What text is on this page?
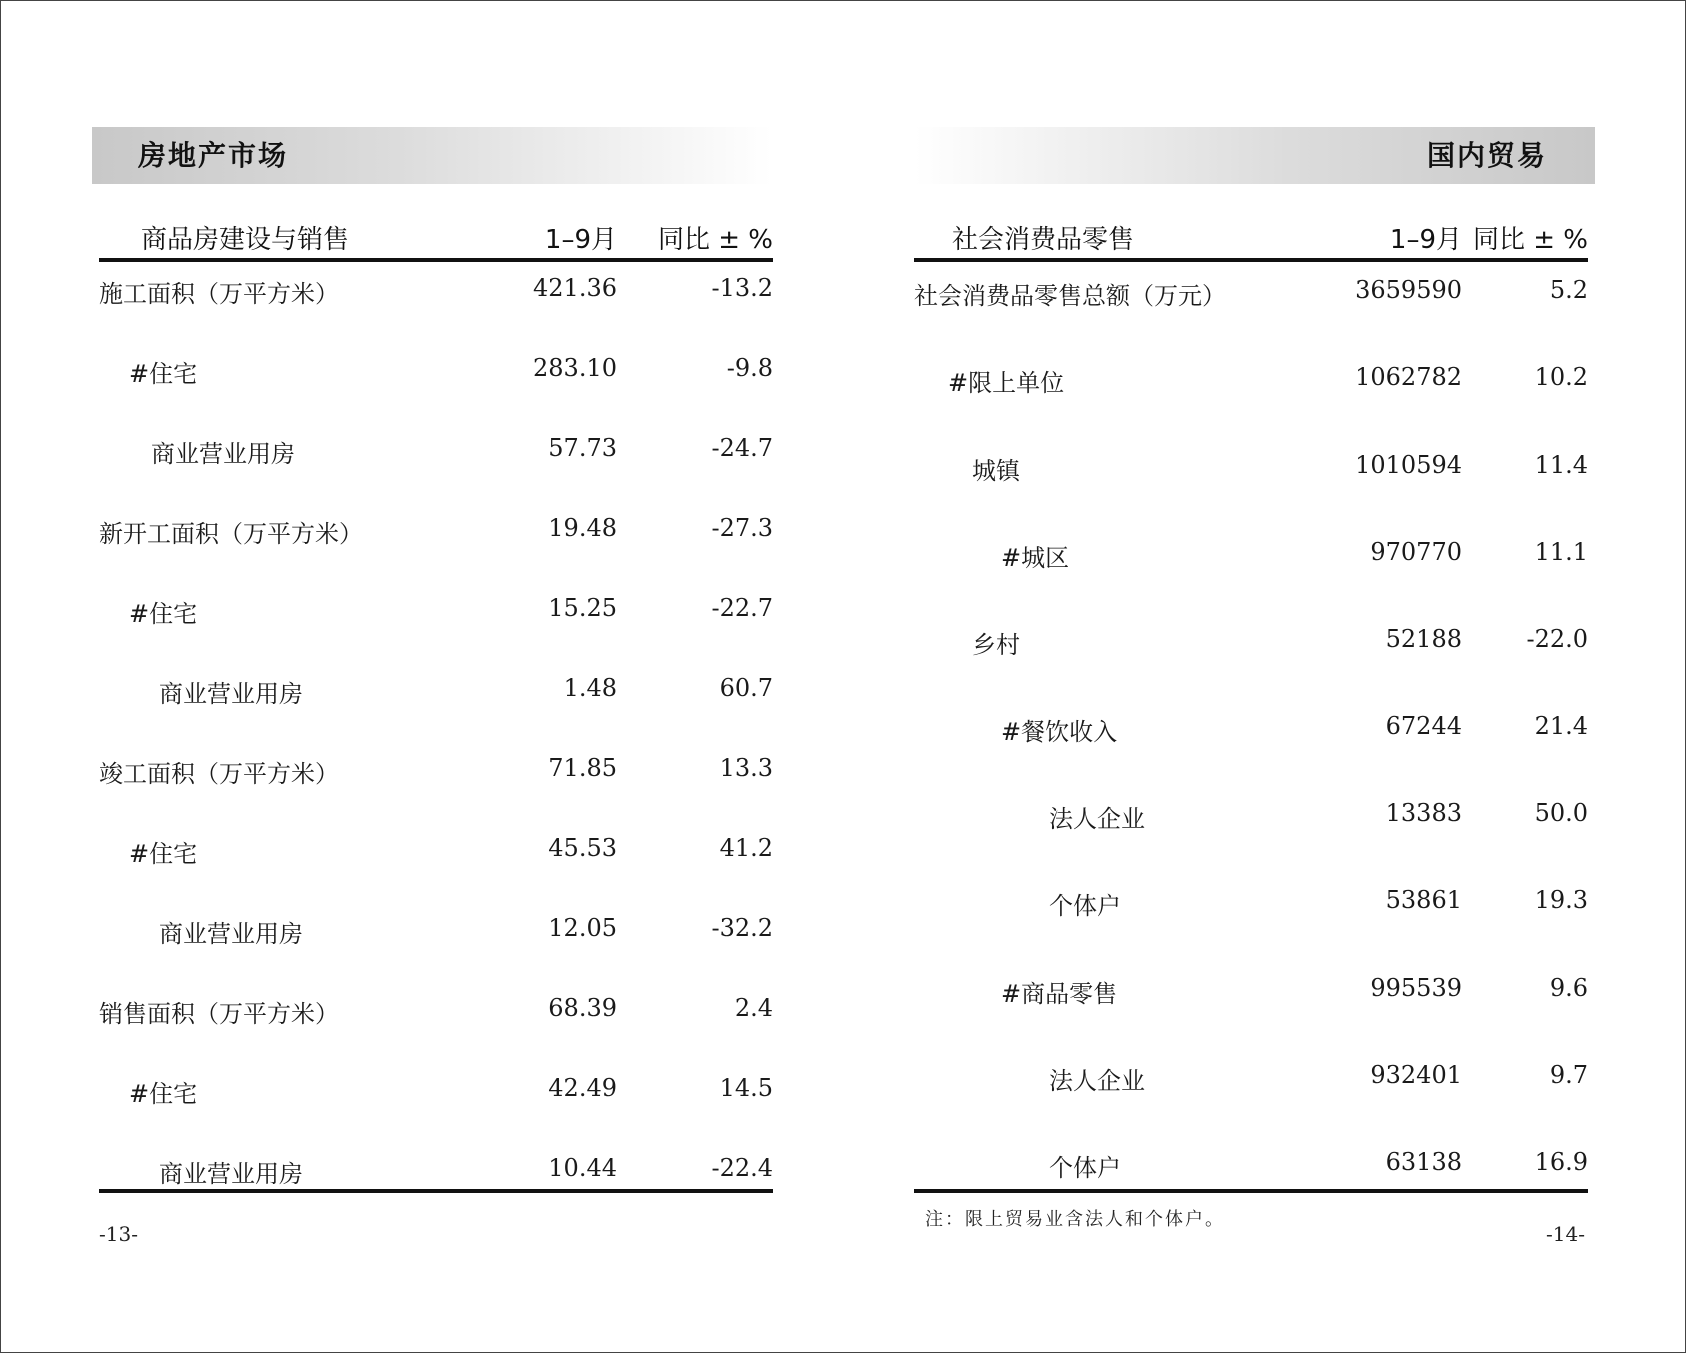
房地产市场
商品房建设与销售	1–9月 同比 ± %
施工面积（万平方米）	421.36	-13.2
#住宅	283.10	-9.8
商业营业用房	57.73	-24.7
新开工面积（万平方米）	19.48	-27.3
#住宅	15.25	-22.7
商业营业用房	1.48	60.7
竣工面积（万平方米）	71.85	13.3
#住宅	45.53	41.2
商业营业用房	12.05	-32.2
销售面积（万平方米）	68.39	2.4
#住宅	42.49	14.5
商业营业用房	10.44	-22.4
-13-
国内贸易
社会消费品零售	1–9月 同比 ± %
社会消费品零售总额（万元）	3659590	5.2
#限上单位	1062782	10.2
城镇	1010594	11.4
#城区	970770	11.1
乡村	52188	-22.0
#餐饮收入	67244	21.4
法人企业	13383	50.0
个体户	53861	19.3
#商品零售	995539	9.6
法人企业	932401	9.7
个体户	63138	16.9
注：限上贸易业含法人和个体户。
-14-
